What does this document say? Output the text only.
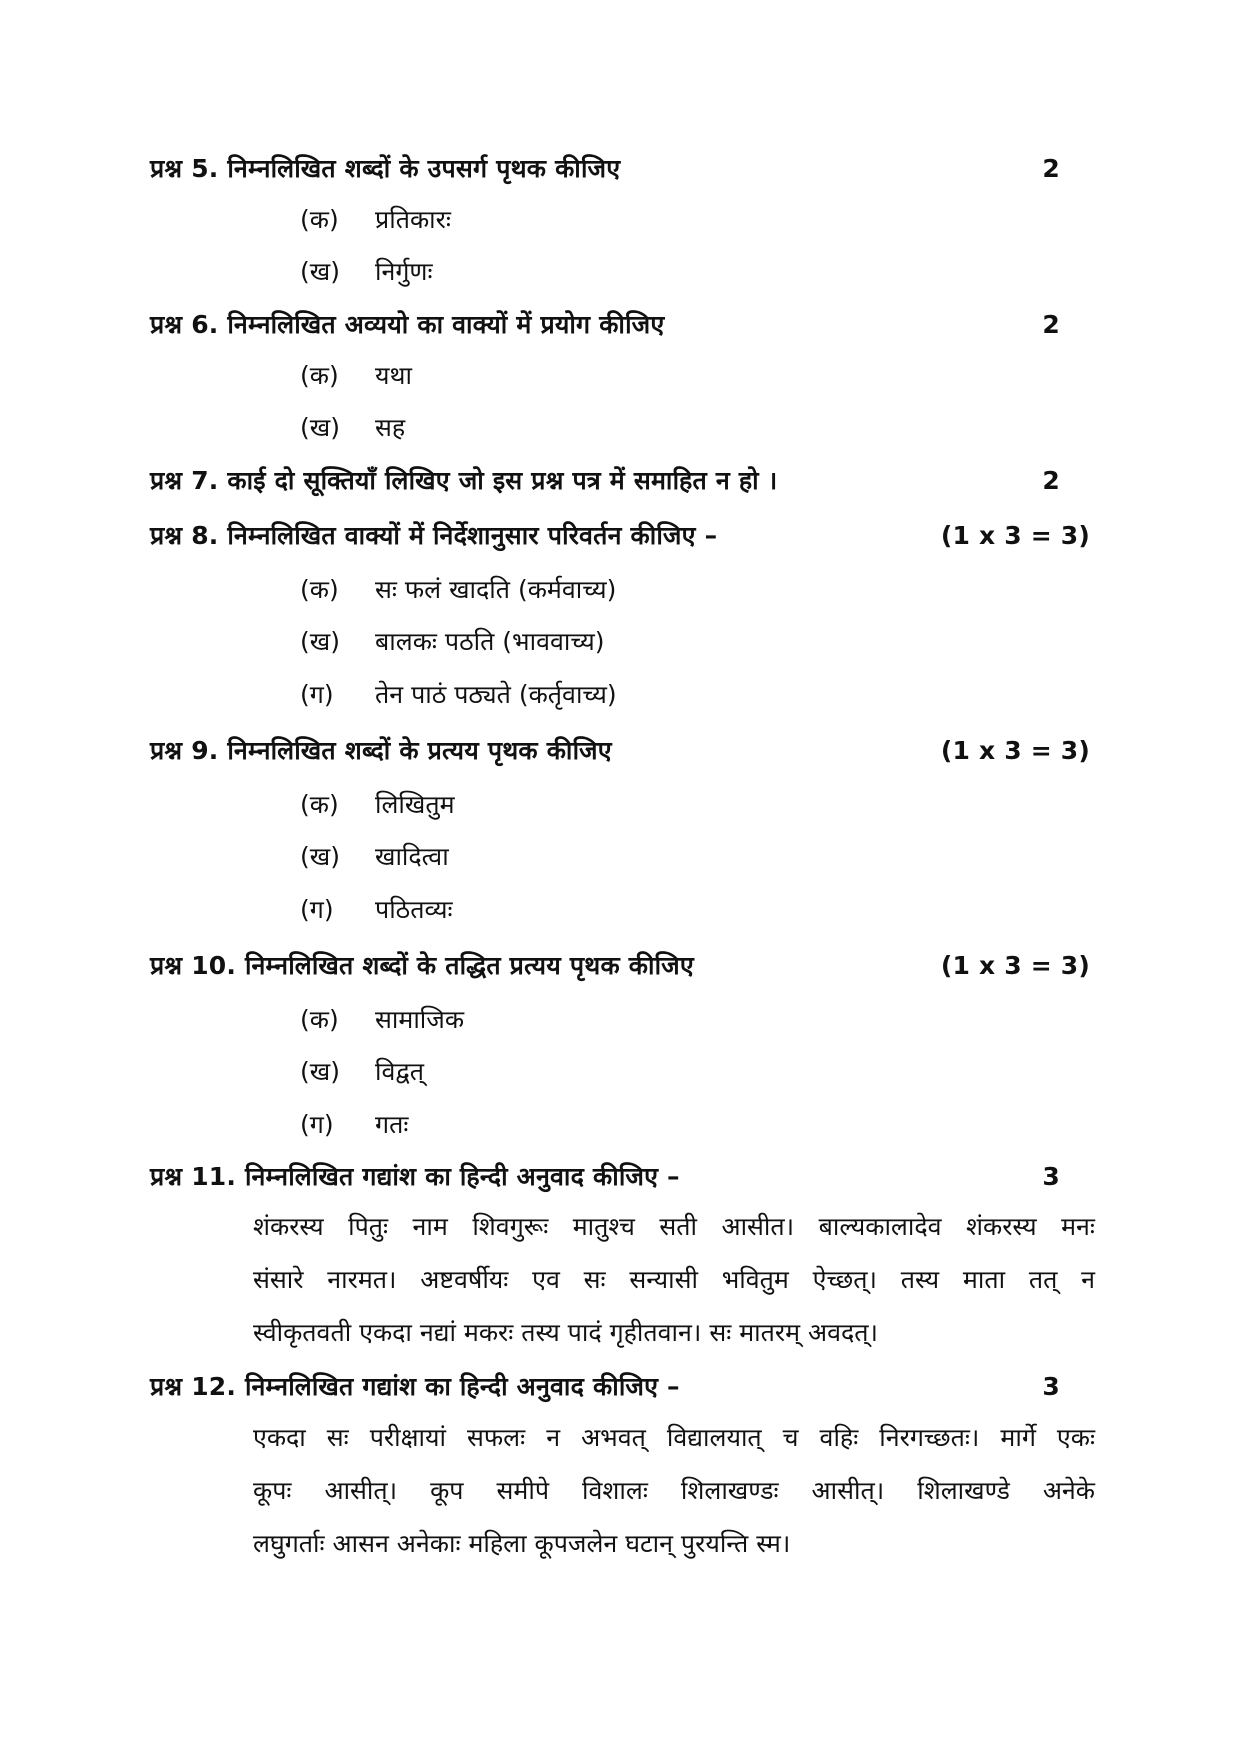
प्रश्न 5. निम्नलिखित शब्दों के उपसर्ग पृथक कीजिए	2
(क)	प्रतिकारः
(ख)	निर्गुणः
प्रश्न 6. निम्नलिखित अव्ययो का वाक्यों में प्रयोग कीजिए	2
(क)	यथा
(ख)	सह
प्रश्न 7. काई दो सूक्तियाँ लिखिए जो इस प्रश्न पत्र में समाहित न हो ।	2
प्रश्न 8. निम्नलिखित वाक्यों में निर्देशानुसार परिवर्तन कीजिए –	(1 x 3 = 3)
(क)	सः फलं खादति (कर्मवाच्य)
(ख)	बालकः पठति (भाववाच्य)
(ग)	तेन पाठं पठ्यते (कर्तृवाच्य)
प्रश्न 9. निम्नलिखित शब्दों के प्रत्यय पृथक कीजिए	(1 x 3 = 3)
(क)	लिखितुम
(ख)	खादित्वा
(ग)	पठितव्यः
प्रश्न 10. निम्नलिखित शब्दों के तद्धित प्रत्यय पृथक कीजिए	(1 x 3 = 3)
(क)	सामाजिक
(ख)	विद्वत्
(ग)	गतः
प्रश्न 11. निम्नलिखित गद्यांश का हिन्दी अनुवाद कीजिए –	3
शंकरस्य पितुः नाम शिवगुरूः मातुश्च सती आसीत। बाल्यकालादेव शंकरस्य मनः
संसारे नारमत। अष्टवर्षीयः एव सः सन्यासी भवितुम ऐच्छत्। तस्य माता तत् न
स्वीकृतवती एकदा नद्यां मकरः तस्य पादं गृहीतवान। सः मातरम् अवदत्।
प्रश्न 12. निम्नलिखित गद्यांश का हिन्दी अनुवाद कीजिए –	3
एकदा सः परीक्षायां सफलः न अभवत् विद्यालयात् च वहिः निरगच्छतः। मार्गे एकः
कूपः आसीत्। कूप समीपे विशालः शिलाखण्डः आसीत्। शिलाखण्डे अनेके
लघुगर्ताः आसन अनेकाः महिला कूपजलेन घटान् पुरयन्ति स्म।
